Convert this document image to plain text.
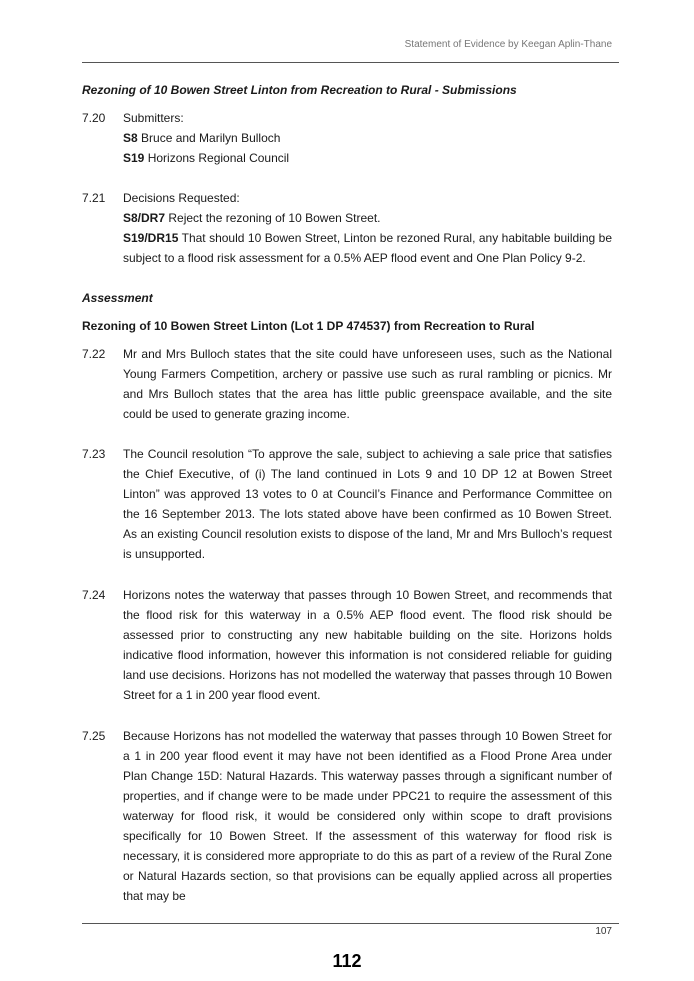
Statement of Evidence by Keegan Aplin-Thane
Rezoning of 10 Bowen Street Linton from Recreation to Rural - Submissions
7.20	Submitters:
S8 Bruce and Marilyn Bulloch
S19 Horizons Regional Council
7.21	Decisions Requested:
S8/DR7 Reject the rezoning of 10 Bowen Street.
S19/DR15 That should 10 Bowen Street, Linton be rezoned Rural, any habitable building be subject to a flood risk assessment for a 0.5% AEP flood event and One Plan Policy 9-2.
Assessment
Rezoning of 10 Bowen Street Linton (Lot 1 DP 474537) from Recreation to Rural
7.22	Mr and Mrs Bulloch states that the site could have unforeseen uses, such as the National Young Farmers Competition, archery or passive use such as rural rambling or picnics. Mr and Mrs Bulloch states that the area has little public greenspace available, and the site could be used to generate grazing income.
7.23	The Council resolution “To approve the sale, subject to achieving a sale price that satisfies the Chief Executive, of (i) The land continued in Lots 9 and 10 DP 12 at Bowen Street Linton” was approved 13 votes to 0 at Council’s Finance and Performance Committee on the 16 September 2013. The lots stated above have been confirmed as 10 Bowen Street. As an existing Council resolution exists to dispose of the land, Mr and Mrs Bulloch’s request is unsupported.
7.24	Horizons notes the waterway that passes through 10 Bowen Street, and recommends that the flood risk for this waterway in a 0.5% AEP flood event. The flood risk should be assessed prior to constructing any new habitable building on the site. Horizons holds indicative flood information, however this information is not considered reliable for guiding land use decisions. Horizons has not modelled the waterway that passes through 10 Bowen Street for a 1 in 200 year flood event.
7.25	Because Horizons has not modelled the waterway that passes through 10 Bowen Street for a 1 in 200 year flood event it may have not been identified as a Flood Prone Area under Plan Change 15D: Natural Hazards. This waterway passes through a significant number of properties, and if change were to be made under PPC21 to require the assessment of this waterway for flood risk, it would be considered only within scope to draft provisions specifically for 10 Bowen Street. If the assessment of this waterway for flood risk is necessary, it is considered more appropriate to do this as part of a review of the Rural Zone or Natural Hazards section, so that provisions can be equally applied across all properties that may be
107
112
